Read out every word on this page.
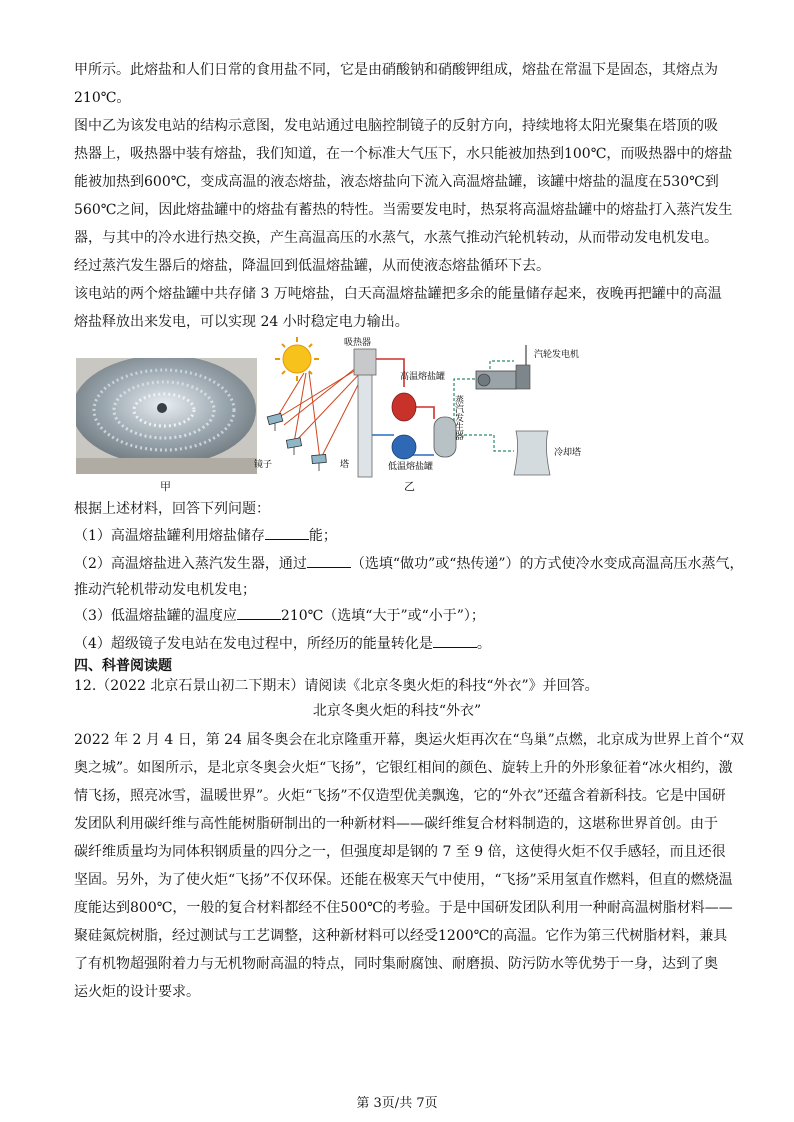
甲所示。此熔盐和人们日常的食用盐不同，它是由硝酸钠和硝酸钾组成，熔盐在常温下是固态，其熔点为
210℃。
图中乙为该发电站的结构示意图，发电站通过电脑控制镜子的反射方向，持续地将太阳光聚集在塔顶的吸
热器上，吸热器中装有熔盐，我们知道，在一个标准大气压下，水只能被加热到100℃，而吸热器中的熔盐
能被加热到600℃，变成高温的液态熔盐，液态熔盐向下流入高温熔盐罐，该罐中熔盐的温度在530℃到
560℃之间，因此熔盐罐中的熔盐有蓄热的特性。当需要发电时，热泵将高温熔盐罐中的熔盐打入蒸汽发生
器，与其中的冷水进行热交换，产生高温高压的水蒸气，水蒸气推动汽轮机转动，从而带动发电机发电。
经过蒸汽发生器后的熔盐，降温回到低温熔盐罐，从而使液态熔盐循环下去。
该电站的两个熔盐罐中共存储 3 万吨熔盐，白天高温熔盐罐把多余的能量储存起来，夜晚再把罐中的高温
熔盐释放出来发电，可以实现 24 小时稳定电力输出。
甲
镜子
吸热器
塔
高温熔盐罐
低温熔盐罐
蒸汽发生器
汽轮发电机
冷却塔
乙
根据上述材料，回答下列问题：
（1）高温熔盐罐利用熔盐储存	能；
（2）高温熔盐进入蒸汽发生器，通过	（选填“做功”或“热传递”）的方式使冷水变成高温高压水蒸气，
推动汽轮机带动发电机发电；
（3）低温熔盐罐的温度应	210℃（选填“大于”或“小于”）；
（4）超级镜子发电站在发电过程中，所经历的能量转化是	。
四、科普阅读题
12.（2022 北京石景山初二下期末）请阅读《北京冬奥火炬的科技“外衣”》并回答。
北京冬奥火炬的科技“外衣”
2022 年 2 月 4 日，第 24 届冬奥会在北京隆重开幕，奥运火炬再次在“鸟巢”点燃，北京成为世界上首个“双
奥之城”。如图所示，是北京冬奥会火炬“飞扬”，它银红相间的颜色、旋转上升的外形象征着“冰火相约，激
情飞扬，照亮冰雪，温暖世界”。火炬“飞扬”不仅造型优美飘逸，它的“外衣”还蕴含着新科技。它是中国研
发团队利用碳纤维与高性能树脂研制出的一种新材料——碳纤维复合材料制造的，这堪称世界首创。由于
碳纤维质量均为同体积钢质量的四分之一，但强度却是钢的 7 至 9 倍，这使得火炬不仅手感轻，而且还很
坚固。另外，为了使火炬“飞扬”不仅环保。还能在极寒天气中使用，“飞扬”采用氢直作燃料，但直的燃烧温
度能达到800℃，一般的复合材料都经不住500℃的考验。于是中国研发团队利用一种耐高温树脂材料——
聚硅氮烷树脂，经过测试与工艺调整，这种新材料可以经受1200℃的高温。它作为第三代树脂材料，兼具
了有机物超强附着力与无机物耐高温的特点，同时集耐腐蚀、耐磨损、防污防水等优势于一身，达到了奥
运火炬的设计要求。
第 3页/共 7页
